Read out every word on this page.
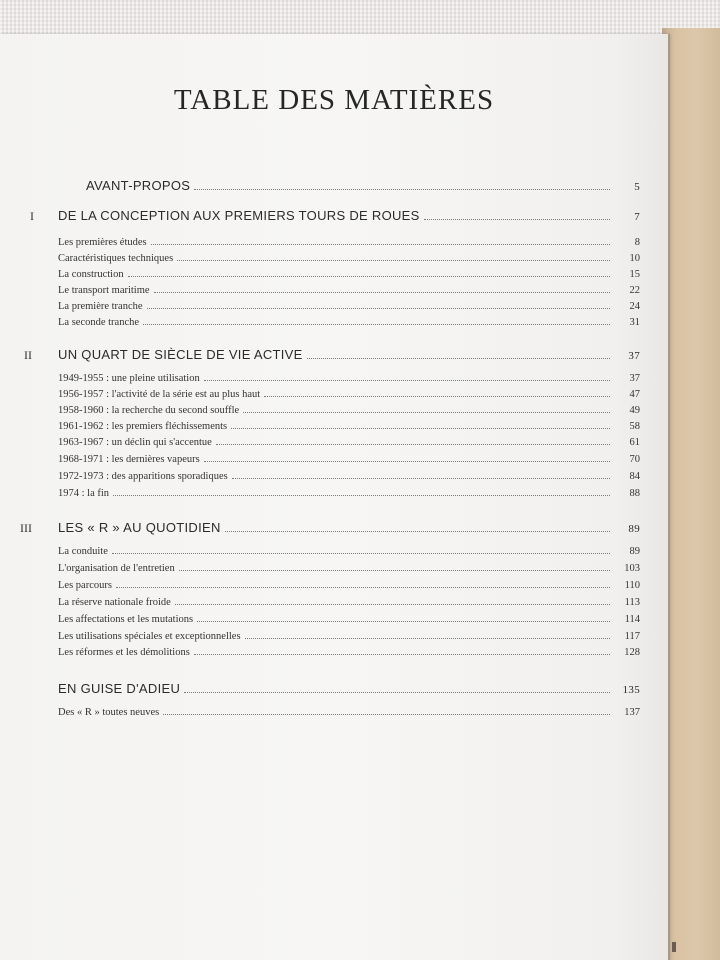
TABLE DES MATIÈRES
AVANT-PROPOS	5
I DE LA CONCEPTION AUX PREMIERS TOURS DE ROUES	7
Les premières études	8
Caractéristiques techniques	10
La construction	15
Le transport maritime	22
La première tranche	24
La seconde tranche	31
II UN QUART DE SIÈCLE DE VIE ACTIVE	37
1949-1955 : une pleine utilisation	37
1956-1957 : l'activité de la série est au plus haut	47
1958-1960 : la recherche du second souffle	49
1961-1962 : les premiers fléchissements	58
1963-1967 : un déclin qui s'accentue	61
1968-1971 : les dernières vapeurs	70
1972-1973 : des apparitions sporadiques	84
1974 : la fin	88
III LES « R » AU QUOTIDIEN	89
La conduite	89
L'organisation de l'entretien	103
Les parcours	110
La réserve nationale froide	113
Les affectations et les mutations	114
Les utilisations spéciales et exceptionnelles	117
Les réformes et les démolitions	128
EN GUISE D'ADIEU	135
Des « R » toutes neuves	137
